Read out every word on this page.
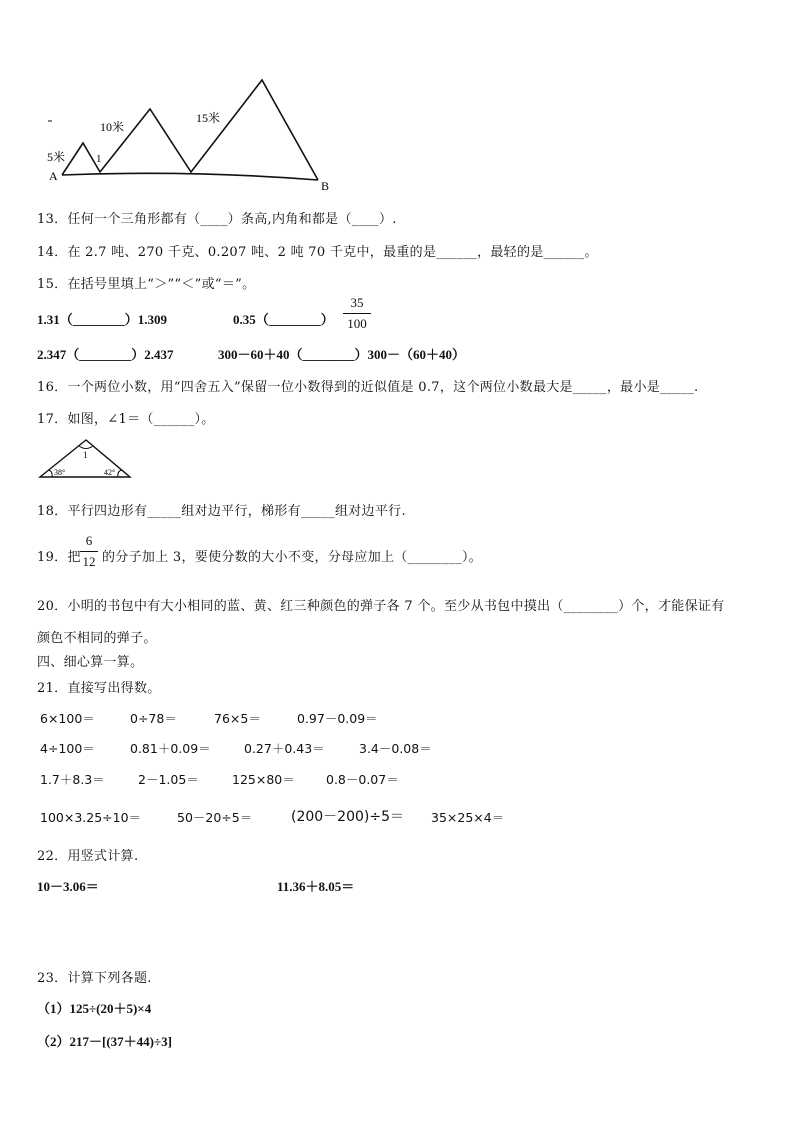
5米
10米
15米
1
A
B
13．任何一个三角形都有（____）条高,内角和都是（____）.
14．在 2.7 吨、270 千克、0.207 吨、2 吨 70 千克中，最重的是______，最轻的是______。
15．在括号里填上“＞”“＜”或“＝”。
1.31（________）1.309	0.35（________）
35
100
2.347（________）2.437	300－60＋40（________）300－（60＋40）
16．一个两位小数，用“四舍五入”保留一位小数得到的近似值是 0.7，这个两位小数最大是_____，最小是_____.
17．如图，∠1＝（______）。
1
38°	42°
18．平行四边形有_____组对边平行，梯形有_____组对边平行.
19．把
6
12 的分子加上 3，要使分数的大小不变，分母应加上（________）。
20．小明的书包中有大小相同的蓝、黄、红三种颜色的弹子各 7 个。至少从书包中摸出（________）个，才能保证有
颜色不相同的弹子。
四、细心算一算。
21．直接写出得数。
6×100＝	0÷78＝	76×5＝	0.97－0.09＝
4÷100＝	0.81＋0.09＝	0.27＋0.43＝	3.4－0.08＝
1.7＋8.3＝	2－1.05＝	125×80＝	0.8－0.07＝
100×3.25÷10＝	50－20÷5＝	(200－200)÷5＝ 35×25×4＝
22．用竖式计算.
10－3.06＝	11.36＋8.05＝
23．计算下列各题.
（1）125÷(20＋5)×4
（2）217－[(37＋44)÷3]
